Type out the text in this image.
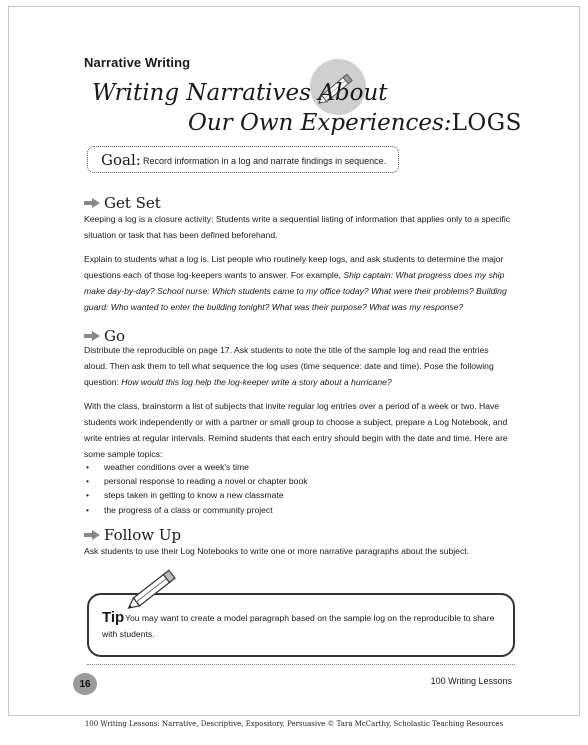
Narrative Writing
Writing Narratives About
Our Own Experiences:LOGS
Goal: Record information in a log and narrate findings in sequence.
Get Set
Keeping a log is a closure activity: Students write a sequential listing of information that applies only to a specific situation or task that has been defined beforehand.
Explain to students what a log is. List people who routinely keep logs, and ask students to determine the major questions each of those log-keepers wants to answer. For example, Ship captain: What progress does my ship make day-by-day? School nurse: Which students came to my office today? What were their problems? Building guard: Who wanted to enter the building tonight? What was their purpose? What was my response?
Go
Distribute the reproducible on page 17. Ask students to note the title of the sample log and read the entries aloud. Then ask them to tell what sequence the log uses (time sequence: date and time). Pose the following question: How would this log help the log-keeper write a story about a hurricane?
With the class, brainstorm a list of subjects that invite regular log entries over a period of a week or two. Have students work independently or with a partner or small group to choose a subject, prepare a Log Notebook, and write entries at regular intervals. Remind students that each entry should begin with the date and time. Here are some sample topics:
• weather conditions over a week's time
• personal response to reading a novel or chapter book
• steps taken in getting to know a new classmate
• the progress of a class or community project
Follow Up
Ask students to use their Log Notebooks to write one or more narrative paragraphs about the subject.
Tip You may want to create a model paragraph based on the sample log on the reproducible to share with students.
16	100 Writing Lessons
100 Writing Lessons: Narrative, Descriptive, Expository, Persuasive © Tara McCarthy, Scholastic Teaching Resources
